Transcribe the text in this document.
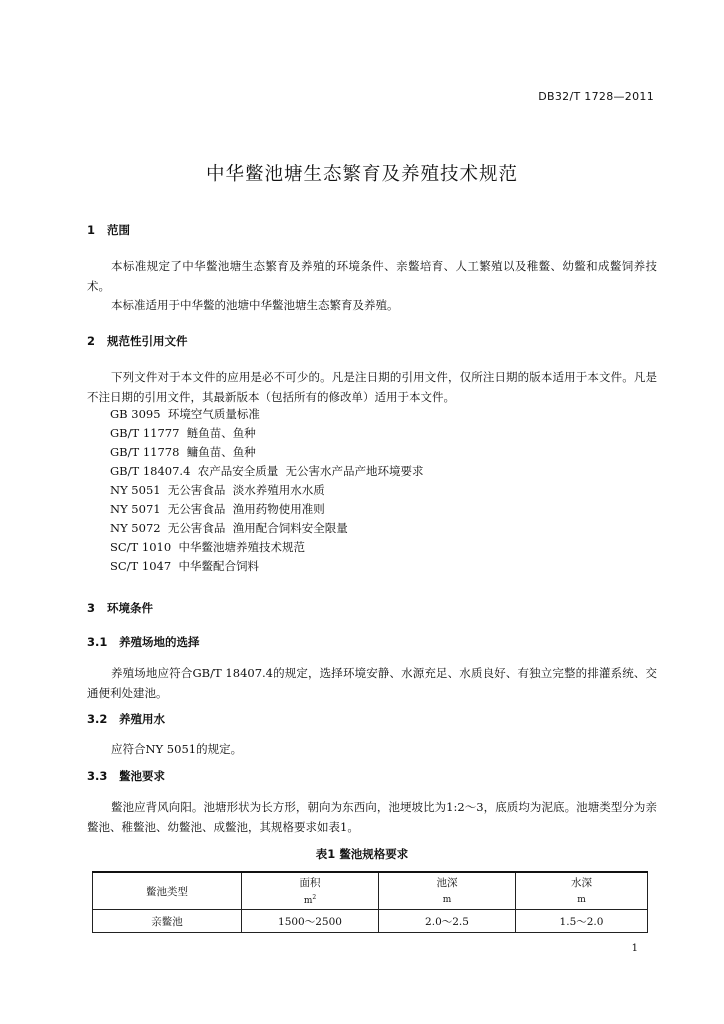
DB32/T 1728—2011
中华鳖池塘生态繁育及养殖技术规范
1 范围
本标准规定了中华鳖池塘生态繁育及养殖的环境条件、亲鳖培育、人工繁殖以及稚鳖、幼鳖和成鳖饲养技术。
本标准适用于中华鳖的池塘中华鳖池塘生态繁育及养殖。
2 规范性引用文件
下列文件对于本文件的应用是必不可少的。凡是注日期的引用文件，仅所注日期的版本适用于本文件。凡是不注日期的引用文件，其最新版本（包括所有的修改单）适用于本文件。
GB 3095  环境空气质量标准
GB/T 11777  鲢鱼苗、鱼种
GB/T 11778  鳙鱼苗、鱼种
GB/T 18407.4  农产品安全质量  无公害水产品产地环境要求
NY 5051  无公害食品  淡水养殖用水水质
NY 5071  无公害食品  渔用药物使用准则
NY 5072  无公害食品  渔用配合饲料安全限量
SC/T 1010  中华鳖池塘养殖技术规范
SC/T 1047  中华鳖配合饲料
3 环境条件
3.1 养殖场地的选择
养殖场地应符合GB/T 18407.4的规定，选择环境安静、水源充足、水质良好、有独立完整的排灌系统、交通便利处建池。
3.2 养殖用水
应符合NY 5051的规定。
3.3 鳖池要求
鳖池应背风向阳。池塘形状为长方形，朝向为东西向，池埂坡比为1:2～3，底质均为泥底。池塘类型分为亲鳖池、稚鳖池、幼鳖池、成鳖池，其规格要求如表1。
表1 鳖池规格要求
鳖池类型	面积	池深	水深
	$m^2$	m	m
亲鳖池	1500～2500	2.0～2.5	1.5～2.0
1
